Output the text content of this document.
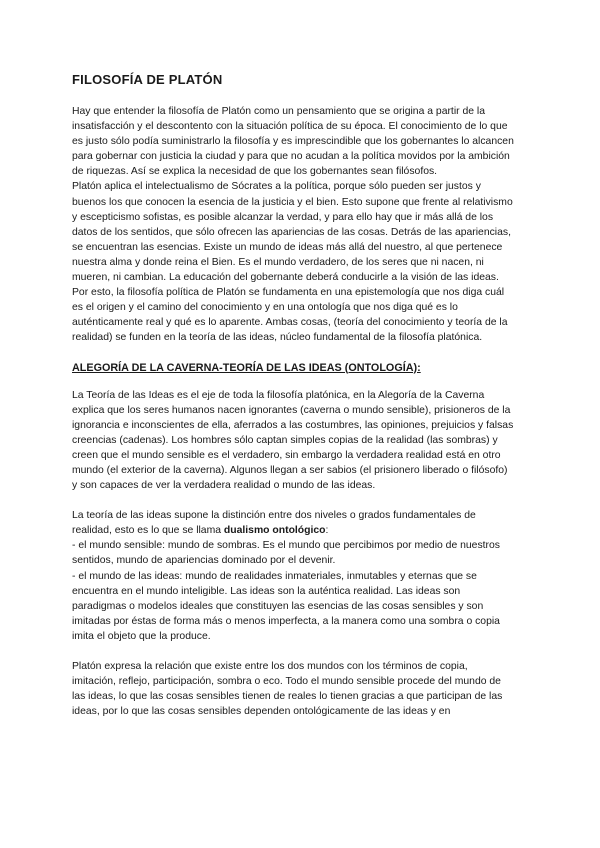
FILOSOFÍA DE PLATÓN

Hay que entender la filosofía de Platón como un pensamiento que se origina a partir de la insatisfacción y el descontento con la situación política de su época. El conocimiento de lo que es justo sólo podía suministrarlo la filosofía y es imprescindible que los gobernantes lo alcancen para gobernar con justicia la ciudad y para que no acudan a la política movidos por la ambición de riquezas. Así se explica la necesidad de que los gobernantes sean filósofos.

Platón aplica el intelectualismo de Sócrates a la política, porque sólo pueden ser justos y buenos los que conocen la esencia de la justicia y el bien. Esto supone que frente al relativismo y escepticismo sofistas, es posible alcanzar la verdad, y para ello hay que ir más allá de los datos de los sentidos, que sólo ofrecen las apariencias de las cosas. Detrás de las apariencias, se encuentran las esencias. Existe un mundo de ideas más allá del nuestro, al que pertenece nuestra alma y donde reina el Bien. Es el mundo verdadero, de los seres que ni nacen, ni mueren, ni cambian. La educación del gobernante deberá conducirle a la visión de las ideas. Por esto, la filosofía política de Platón se fundamenta en una epistemología que nos diga cuál es el origen y el camino del conocimiento y en una ontología que nos diga qué es lo auténticamente real y qué es lo aparente. Ambas cosas, (teoría del conocimiento y teoría de la realidad) se funden en la teoría de las ideas, núcleo fundamental de la filosofía platónica.

ALEGORÍA DE LA CAVERNA-TEORÍA DE LAS IDEAS (ONTOLOGÍA):

La Teoría de las Ideas es el eje de toda la filosofía platónica, en la Alegoría de la Caverna explica que los seres humanos nacen ignorantes (caverna o mundo sensible), prisioneros de la ignorancia e inconscientes de ella, aferrados a las costumbres, las opiniones, prejuicios y falsas creencias (cadenas). Los hombres sólo captan simples copias de la realidad (las sombras) y creen que el mundo sensible es el verdadero, sin embargo la verdadera realidad está en otro mundo (el exterior de la caverna). Algunos llegan a ser sabios (el prisionero liberado o filósofo) y son capaces de ver la verdadera realidad o mundo de las ideas.

La teoría de las ideas supone la distinción entre dos niveles o grados fundamentales de realidad, esto es lo que se llama dualismo ontológico:

- el mundo sensible: mundo de sombras. Es el mundo que percibimos por medio de nuestros sentidos, mundo de apariencias dominado por el devenir.

- el mundo de las ideas: mundo de realidades inmateriales, inmutables y eternas que se encuentra en el mundo inteligible. Las ideas son la auténtica realidad. Las ideas son paradigmas o modelos ideales que constituyen las esencias de las cosas sensibles y son imitadas por éstas de forma más o menos imperfecta, a la manera como una sombra o copia imita el objeto que la produce.

Platón expresa la relación que existe entre los dos mundos con los términos de copia, imitación, reflejo, participación, sombra o eco. Todo el mundo sensible procede del mundo de las ideas, lo que las cosas sensibles tienen de reales lo tienen gracias a que participan de las ideas, por lo que las cosas sensibles dependen ontológicamente de las ideas y en
